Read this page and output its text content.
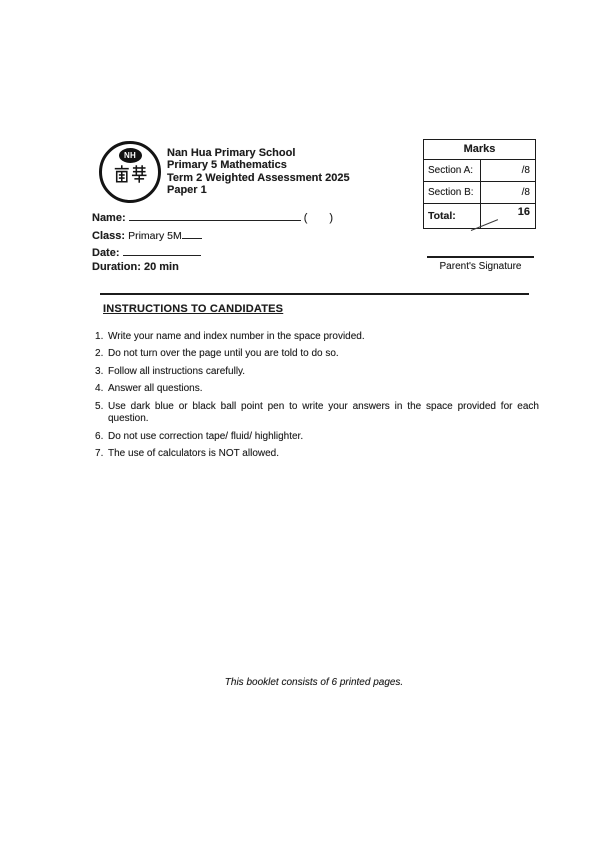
NH	Nan Hua Primary School
Primary 5 Mathematics
Term 2 Weighted Assessment 2025
Paper 1
Name:	( )
Class: Primary 5M
Date:
Duration: 20 min
Marks
Section A:	/8
Section B:	/8
Total:	16
Parent's Signature
INSTRUCTIONS TO CANDIDATES
Write your name and index number in the space provided.
Do not turn over the page until you are told to do so.
Follow all instructions carefully.
Answer all questions.
Use dark blue or black ball point pen to write your answers in the space provided for each question.
Do not use correction tape/ fluid/ highlighter.
The use of calculators is NOT allowed.
This booklet consists of 6 printed pages.
